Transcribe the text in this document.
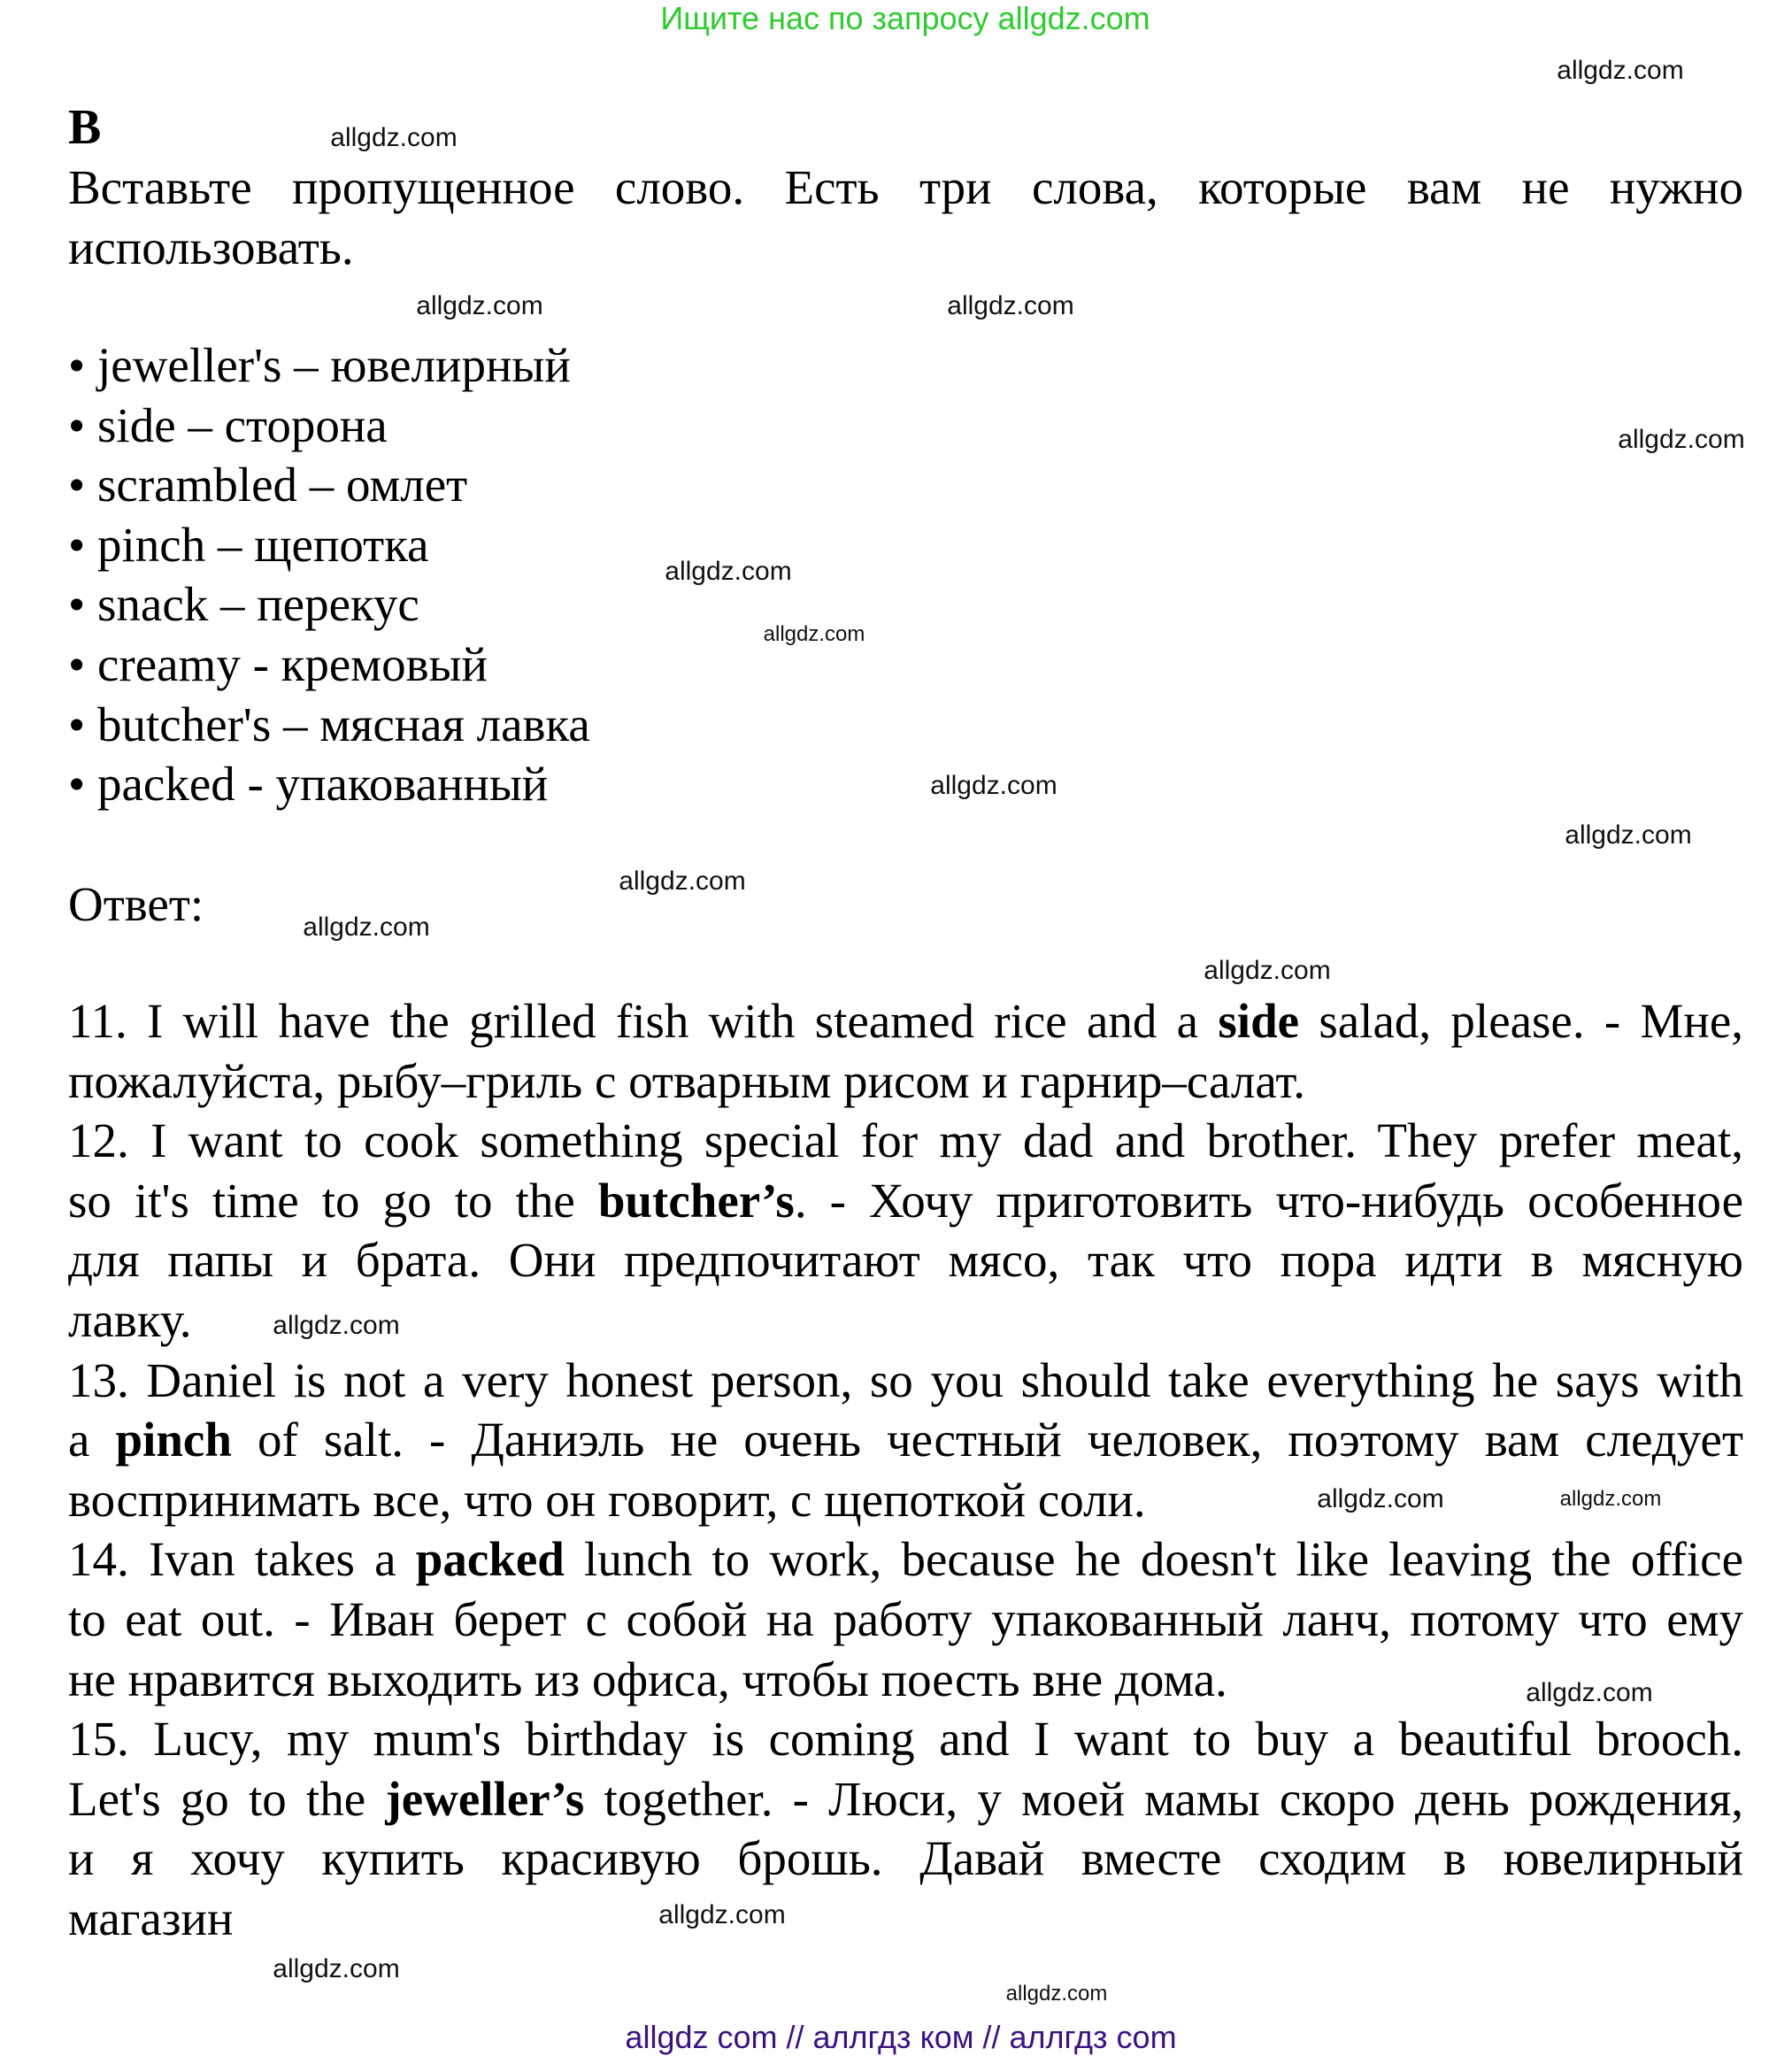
Ищите нас по запросу allgdz.com
B
Вставьте пропущенное слово. Есть три слова, которые вам не нужно
использовать.
• jeweller's – ювелирный
• side – сторона
• scrambled – омлет
• pinch – щепотка
• snack – перекус
• creamy - кремовый
• butcher's – мясная лавка
• packed - упакованный
Ответ:
11. I will have the grilled fish with steamed rice and a side salad, please. - Мне,
пожалуйста, рыбу–гриль с отварным рисом и гарнир–салат.
12. I want to cook something special for my dad and brother. They prefer meat,
so it's time to go to the butcher’s. - Хочу приготовить что-нибудь особенное
для папы и брата. Они предпочитают мясо, так что пора идти в мясную
лавку.
13. Daniel is not a very honest person, so you should take everything he says with
a pinch of salt. - Даниэль не очень честный человек, поэтому вам следует
воспринимать все, что он говорит, с щепоткой соли.
14. Ivan takes a packed lunch to work, because he doesn't like leaving the office
to eat out. - Иван берет с собой на работу упакованный ланч, потому что ему
не нравится выходить из офиса, чтобы поесть вне дома.
15. Lucy, my mum's birthday is coming and I want to buy a beautiful brooch.
Let's go to the jeweller’s together. - Люси, у моей мамы скоро день рождения,
и я хочу купить красивую брошь. Давай вместе сходим в ювелирный
магазин
allgdz.com
allgdz.com
allgdz.com
allgdz.com
allgdz.com
allgdz.com
allgdz.com
allgdz.com
allgdz.com
allgdz.com
allgdz.com
allgdz.com
allgdz.com
allgdz.com
allgdz.com
allgdz.com
allgdz.com
allgdz.com
allgdz.com
allgdz com // аллгдз ком // аллгдз com
